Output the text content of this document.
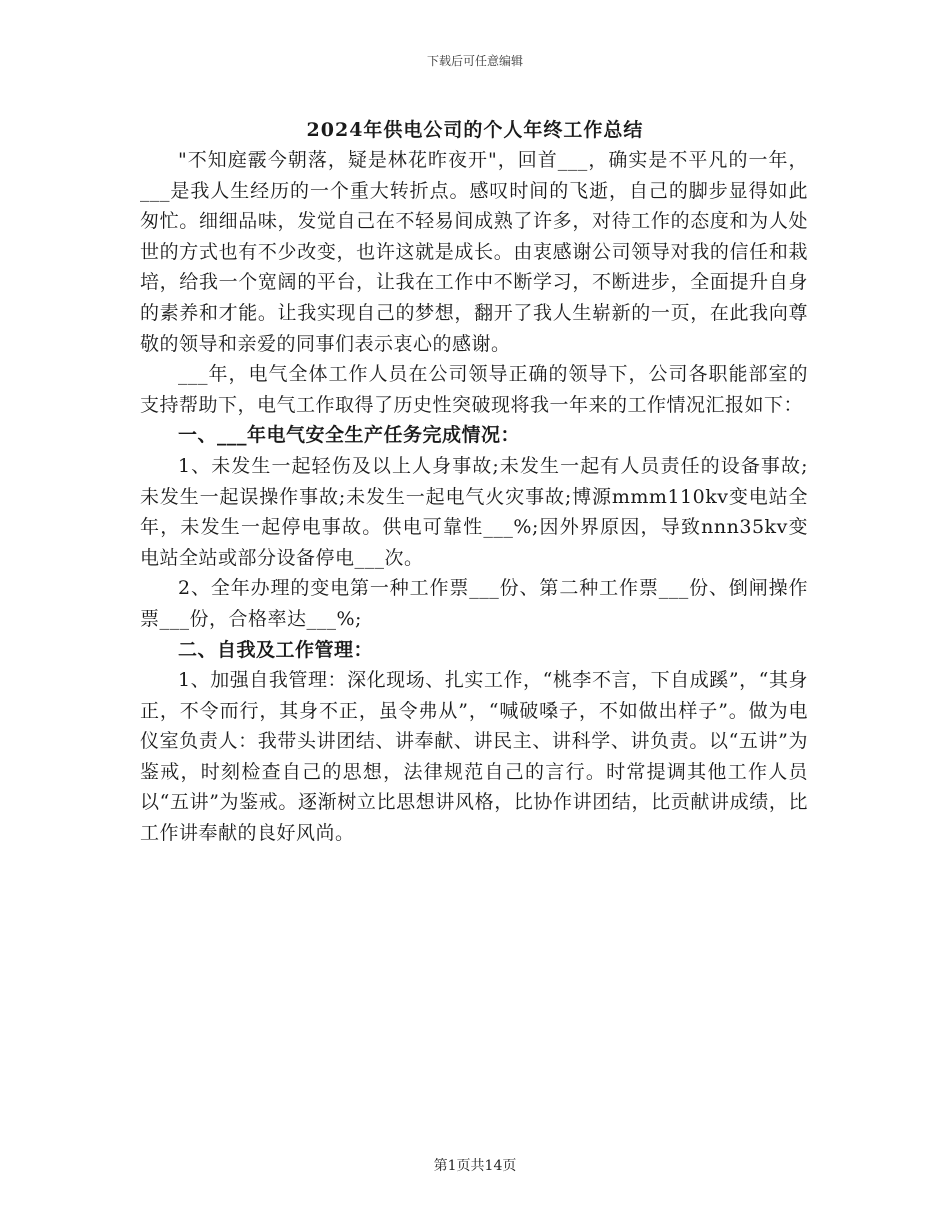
下载后可任意编辑
2024年供电公司的个人年终工作总结

"不知庭霰今朝落，疑是林花昨夜开"，回首___，确实是不平凡的一年，___是我人生经历的一个重大转折点。感叹时间的飞逝，自己的脚步显得如此匆忙。细细品味，发觉自己在不轻易间成熟了许多，对待工作的态度和为人处世的方式也有不少改变，也许这就是成长。由衷感谢公司领导对我的信任和栽培，给我一个宽阔的平台，让我在工作中不断学习，不断进步，全面提升自身的素养和才能。让我实现自己的梦想，翻开了我人生崭新的一页，在此我向尊敬的领导和亲爱的同事们表示衷心的感谢。

___年，电气全体工作人员在公司领导正确的领导下，公司各职能部室的支持帮助下，电气工作取得了历史性突破现将我一年来的工作情况汇报如下：

一、___年电气安全生产任务完成情况：

1、未发生一起轻伤及以上人身事故;未发生一起有人员责任的设备事故;未发生一起误操作事故;未发生一起电气火灾事故;博源mmm110kv变电站全年，未发生一起停电事故。供电可靠性___%;因外界原因，导致nnn35kv变电站全站或部分设备停电___次。

2、全年办理的变电第一种工作票___份、第二种工作票___份、倒闸操作票___份，合格率达___%;

二、自我及工作管理：

1、加强自我管理：深化现场、扎实工作，“桃李不言，下自成蹊”，“其身正，不令而行，其身不正，虽令弗从”，“喊破嗓子，不如做出样子”。做为电仪室负责人：我带头讲团结、讲奉献、讲民主、讲科学、讲负责。以“五讲”为鉴戒，时刻检查自己的思想，法律规范自己的言行。时常提调其他工作人员以“五讲”为鉴戒。逐渐树立比思想讲风格，比协作讲团结，比贡献讲成绩，比工作讲奉献的良好风尚。

第1页共14页
